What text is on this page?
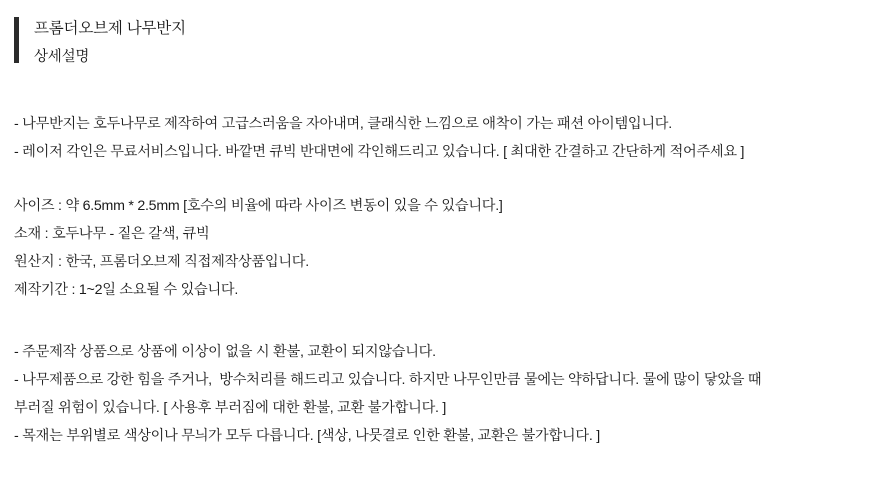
프롬더오브제 나무반지
상세설명
- 나무반지는 호두나무로 제작하여 고급스러움을 자아내며, 클래식한 느낌으로 애착이 가는 패션 아이템입니다.
- 레이저 각인은 무료서비스입니다. 바깥면 큐빅 반대면에 각인해드리고 있습니다. [ 최대한 간결하고 간단하게 적어주세요 ]
사이즈 : 약 6.5mm * 2.5mm [호수의 비율에 따라 사이즈 변동이 있을 수 있습니다.]
소재 : 호두나무 - 짙은 갈색, 큐빅
원산지 : 한국, 프롬더오브제 직접제작상품입니다.
제작기간 : 1~2일 소요될 수 있습니다.
- 주문제작 상품으로 상품에 이상이 없을 시 환불, 교환이 되지않습니다.
- 나무제품으로 강한 힘을 주거나,  방수처리를 해드리고 있습니다. 하지만 나무인만큼 물에는 약하답니다. 물에 많이 닿았을 때
부러질 위험이 있습니다. [ 사용후 부러짐에 대한 환불, 교환 불가합니다. ]
- 목재는 부위별로 색상이나 무늬가 모두 다릅니다. [색상, 나뭇결로 인한 환불, 교환은 불가합니다. ]
